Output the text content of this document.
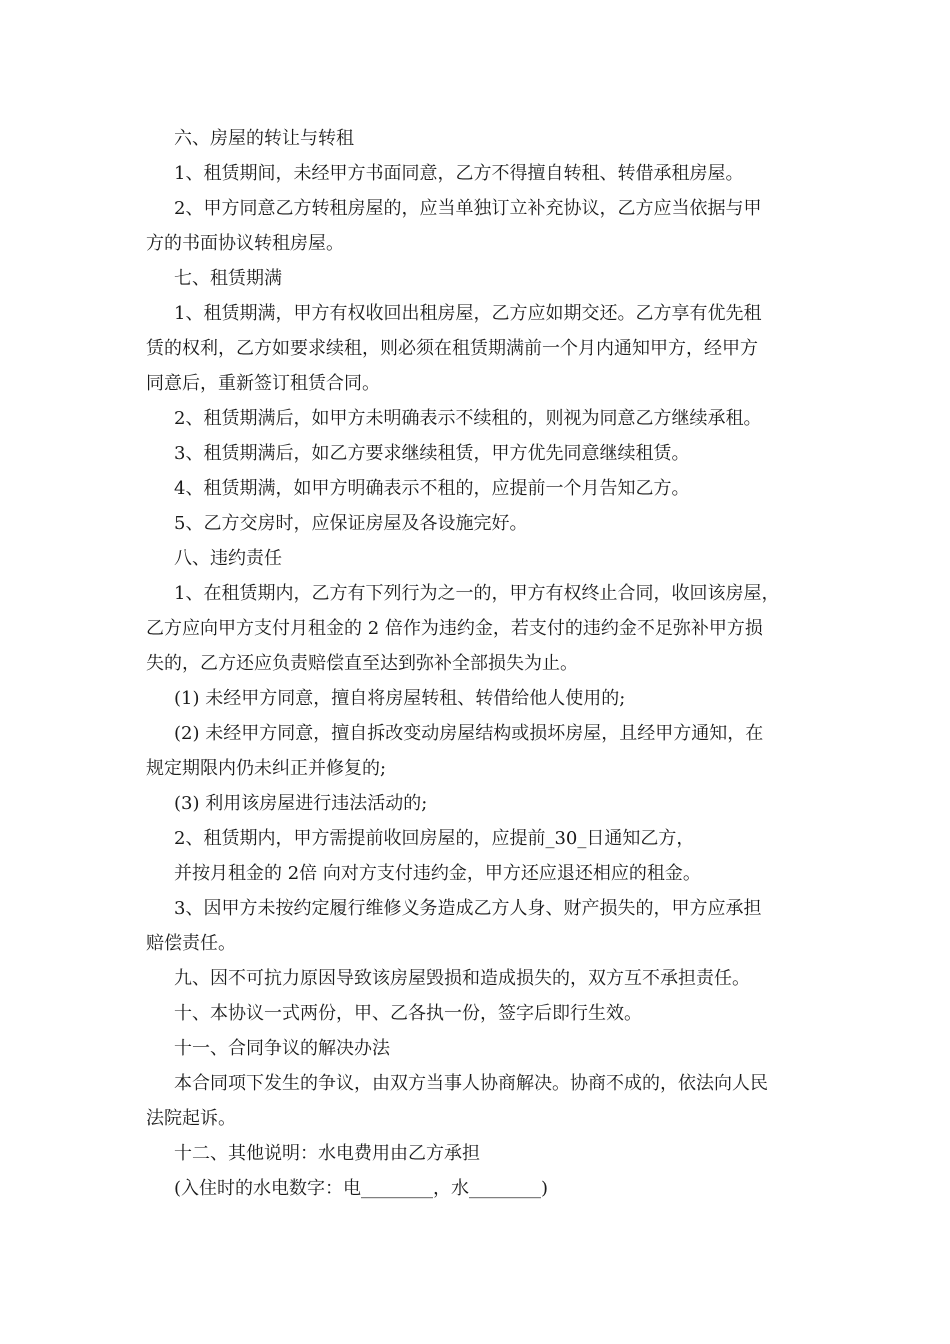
六、房屋的转让与转租
1、租赁期间，未经甲方书面同意，乙方不得擅自转租、转借承租房屋。
2、甲方同意乙方转租房屋的，应当单独订立补充协议，乙方应当依据与甲
方的书面协议转租房屋。
七、租赁期满
1、租赁期满，甲方有权收回出租房屋，乙方应如期交还。乙方享有优先租
赁的权利，乙方如要求续租，则必须在租赁期满前一个月内通知甲方，经甲方
同意后，重新签订租赁合同。
2、租赁期满后，如甲方未明确表示不续租的，则视为同意乙方继续承租。
3、租赁期满后，如乙方要求继续租赁，甲方优先同意继续租赁。
4、租赁期满，如甲方明确表示不租的，应提前一个月告知乙方。
5、乙方交房时，应保证房屋及各设施完好。
八、违约责任
1、在租赁期内，乙方有下列行为之一的，甲方有权终止合同，收回该房屋，
乙方应向甲方支付月租金的 2 倍作为违约金，若支付的违约金不足弥补甲方损
失的，乙方还应负责赔偿直至达到弥补全部损失为止。
(1) 未经甲方同意，擅自将房屋转租、转借给他人使用的;
(2) 未经甲方同意，擅自拆改变动房屋结构或损坏房屋，且经甲方通知，在
规定期限内仍未纠正并修复的;
(3) 利用该房屋进行违法活动的;
2、租赁期内，甲方需提前收回房屋的，应提前_30_日通知乙方，
并按月租金的 2倍 向对方支付违约金，甲方还应退还相应的租金。
3、因甲方未按约定履行维修义务造成乙方人身、财产损失的，甲方应承担
赔偿责任。
九、因不可抗力原因导致该房屋毁损和造成损失的，双方互不承担责任。
十、本协议一式两份，甲、乙各执一份，签字后即行生效。
十一、合同争议的解决办法
本合同项下发生的争议，由双方当事人协商解决。协商不成的，依法向人民
法院起诉。
十二、其他说明：水电费用由乙方承担
(入住时的水电数字：电________，水________)
